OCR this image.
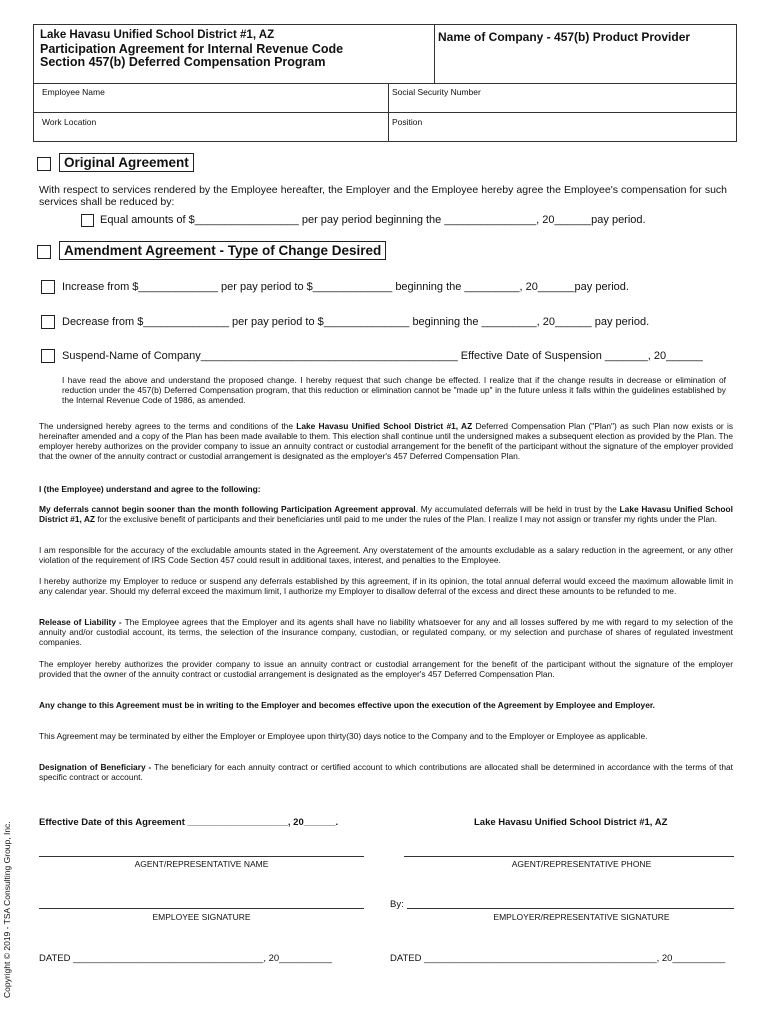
Lake Havasu Unified School District #1, AZ
Participation Agreement for Internal Revenue Code
Section 457(b) Deferred Compensation Program
Name of Company - 457(b) Product Provider
Employee Name	Social Security Number
Work Location	Position
Original Agreement
With respect to services rendered by the Employee hereafter, the Employer and the Employee hereby agree the Employee's compensation for such services shall be reduced by:
Equal amounts of $_________________ per pay period beginning the _______________, 20______pay period.
Amendment Agreement - Type of Change Desired
Increase from $_____________ per pay period to $_____________ beginning the _________, 20______pay period.
Decrease from $______________ per pay period to $______________ beginning the _________, 20______ pay period.
Suspend-Name of Company__________________________________________ Effective Date of Suspension _______, 20______
I have read the above and understand the proposed change. I hereby request that such change be effected. I realize that if the change results in decrease or elimination of reduction under the 457(b) Deferred Compensation program, that this reduction or elimination cannot be "made up" in the future unless it falls within the guidelines established by the Internal Revenue Code of 1986, as amended.
The undersigned hereby agrees to the terms and conditions of the Lake Havasu Unified School District #1, AZ Deferred Compensation Plan ("Plan") as such Plan now exists or is hereinafter amended and a copy of the Plan has been made available to them. This election shall continue until the undersigned makes a subsequent election as provided by the Plan. The employer hereby authorizes on the provider company to issue an annuity contract or custodial arrangement for the benefit of the participant without the signature of the employer provided that the owner of the annuity contract or custodial arrangement is designated as the employer's 457 Deferred Compensation Plan.
I (the Employee) understand and agree to the following:
My deferrals cannot begin sooner than the month following Participation Agreement approval. My accumulated deferrals will be held in trust by the Lake Havasu Unified School District #1, AZ for the exclusive benefit of participants and their beneficiaries until paid to me under the rules of the Plan. I realize I may not assign or transfer my rights under the Plan.
I am responsible for the accuracy of the excludable amounts stated in the Agreement. Any overstatement of the amounts excludable as a salary reduction in the agreement, or any other violation of the requirement of IRS Code Section 457 could result in additional taxes, interest, and penalties to the Employee.
I hereby authorize my Employer to reduce or suspend any deferrals established by this agreement, if in its opinion, the total annual deferral would exceed the maximum allowable limit in any calendar year. Should my deferral exceed the maximum limit, I authorize my Employer to disallow deferral of the excess and direct these amounts to be refunded to me.
Release of Liability - The Employee agrees that the Employer and its agents shall have no liability whatsoever for any and all losses suffered by me with regard to my selection of the annuity and/or custodial account, its terms, the selection of the insurance company, custodian, or regulated company, or my selection and purchase of shares of regulated investment companies.
The employer hereby authorizes the provider company to issue an annuity contract or custodial arrangement for the benefit of the participant without the signature of the employer provided that the owner of the annuity contract or custodial arrangement is designated as the employer's 457 Deferred Compensation Plan.
Any change to this Agreement must be in writing to the Employer and becomes effective upon the execution of the Agreement by Employee and Employer.
This Agreement may be terminated by either the Employer or Employee upon thirty(30) days notice to the Company and to the Employer or Employee as applicable.
Designation of Beneficiary - The beneficiary for each annuity contract or certified account to which contributions are allocated shall be determined in accordance with the terms of that specific contract or account.
Effective Date of this Agreement ___________________, 20______.	Lake Havasu Unified School District #1, AZ
AGENT/REPRESENTATIVE NAME	AGENT/REPRESENTATIVE PHONE
EMPLOYEE SIGNATURE
By:
EMPLOYER/REPRESENTATIVE SIGNATURE
DATED ____________________________________, 20__________	DATED ____________________________________________, 20__________
Copyright © 2019 - TSA Consulting Group, Inc.
